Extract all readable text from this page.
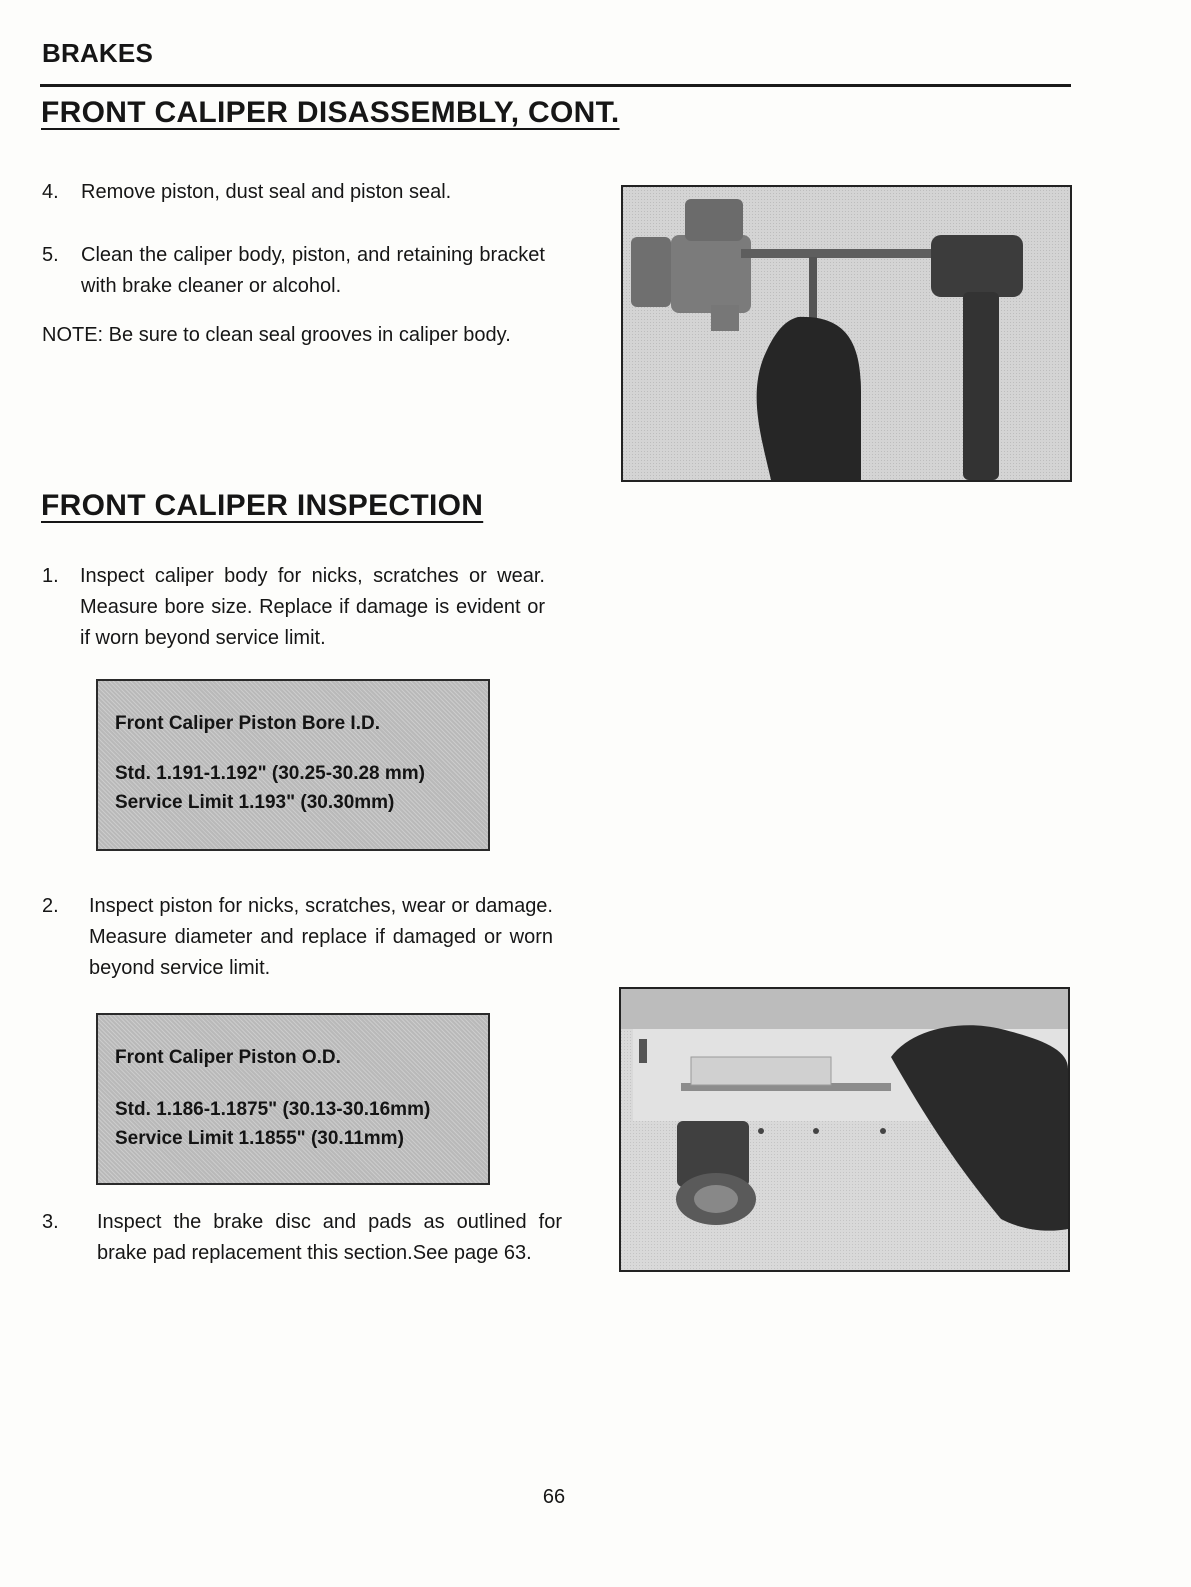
BRAKES
FRONT CALIPER DISASSEMBLY, CONT.
4. Remove piston, dust seal and piston seal.
5. Clean the caliper body, piston, and retaining bracket with brake cleaner or alcohol.
NOTE: Be sure to clean seal grooves in caliper body.
FRONT CALIPER INSPECTION
1. Inspect caliper body for nicks, scratches or wear. Measure bore size. Replace if damage is evident or if worn beyond service limit.
Front Caliper Piston Bore I.D.
Std. 1.191-1.192" (30.25-30.28 mm)
Service Limit 1.193" (30.30mm)
2. Inspect piston for nicks, scratches, wear or damage. Measure diameter and replace if damaged or worn beyond service limit.
Front Caliper Piston O.D.
Std. 1.186-1.1875" (30.13-30.16mm)
Service Limit 1.1855" (30.11mm)
3. Inspect the brake disc and pads as outlined for brake pad replacement this section.See page 63.
66
